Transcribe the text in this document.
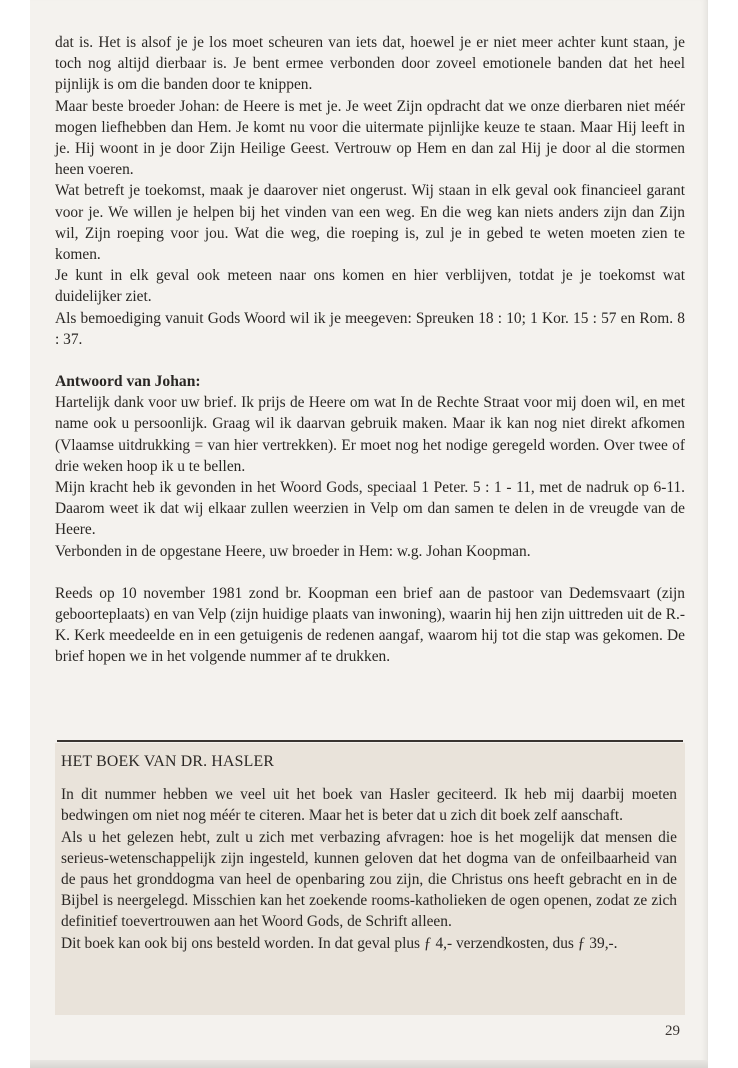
dat is. Het is alsof je je los moet scheuren van iets dat, hoewel je er niet meer achter kunt staan, je toch nog altijd dierbaar is. Je bent ermee verbonden door zoveel emotionele banden dat het heel pijnlijk is om die banden door te knippen.

Maar beste broeder Johan: de Heere is met je. Je weet Zijn opdracht dat we onze dierbaren niet méér mogen liefhebben dan Hem. Je komt nu voor die uitermate pijnlijke keuze te staan. Maar Hij leeft in je. Hij woont in je door Zijn Heilige Geest. Vertrouw op Hem en dan zal Hij je door al die stormen heen voeren.

Wat betreft je toekomst, maak je daarover niet ongerust. Wij staan in elk geval ook financieel garant voor je. We willen je helpen bij het vinden van een weg. En die weg kan niets anders zijn dan Zijn wil, Zijn roeping voor jou. Wat die weg, die roeping is, zul je in gebed te weten moeten zien te komen.

Je kunt in elk geval ook meteen naar ons komen en hier verblijven, totdat je je toekomst wat duidelijker ziet.

Als bemoediging vanuit Gods Woord wil ik je meegeven: Spreuken 18 : 10; 1 Kor. 15 : 57 en Rom. 8 : 37.

Antwoord van Johan:

Hartelijk dank voor uw brief. Ik prijs de Heere om wat In de Rechte Straat voor mij doen wil, en met name ook u persoonlijk. Graag wil ik daarvan gebruik maken. Maar ik kan nog niet direkt afkomen (Vlaamse uitdrukking = van hier vertrekken). Er moet nog het nodige geregeld worden. Over twee of drie weken hoop ik u te bellen.

Mijn kracht heb ik gevonden in het Woord Gods, speciaal 1 Peter. 5 : 1 - 11, met de nadruk op 6-11. Daarom weet ik dat wij elkaar zullen weerzien in Velp om dan samen te delen in de vreugde van de Heere.

Verbonden in de opgestane Heere, uw broeder in Hem: w.g. Johan Koopman.

Reeds op 10 november 1981 zond br. Koopman een brief aan de pastoor van Dedemsvaart (zijn geboorteplaats) en van Velp (zijn huidige plaats van inwoning), waarin hij hen zijn uittreden uit de R.-K. Kerk meedeelde en in een getuigenis de redenen aangaf, waarom hij tot die stap was gekomen. De brief hopen we in het volgende nummer af te drukken.

HET BOEK VAN DR. HASLER

In dit nummer hebben we veel uit het boek van Hasler geciteerd. Ik heb mij daarbij moeten bedwingen om niet nog méér te citeren. Maar het is beter dat u zich dit boek zelf aanschaft.

Als u het gelezen hebt, zult u zich met verbazing afvragen: hoe is het mogelijk dat mensen die serieus-wetenschappelijk zijn ingesteld, kunnen geloven dat het dogma van de onfeilbaarheid van de paus het gronddogma van heel de openbaring zou zijn, die Christus ons heeft gebracht en in de Bijbel is neergelegd. Misschien kan het zoekende rooms-katholieken de ogen openen, zodat ze zich definitief toevertrouwen aan het Woord Gods, de Schrift alleen.

Dit boek kan ook bij ons besteld worden. In dat geval plus ƒ 4,- verzendkosten, dus ƒ 39,-.

29
